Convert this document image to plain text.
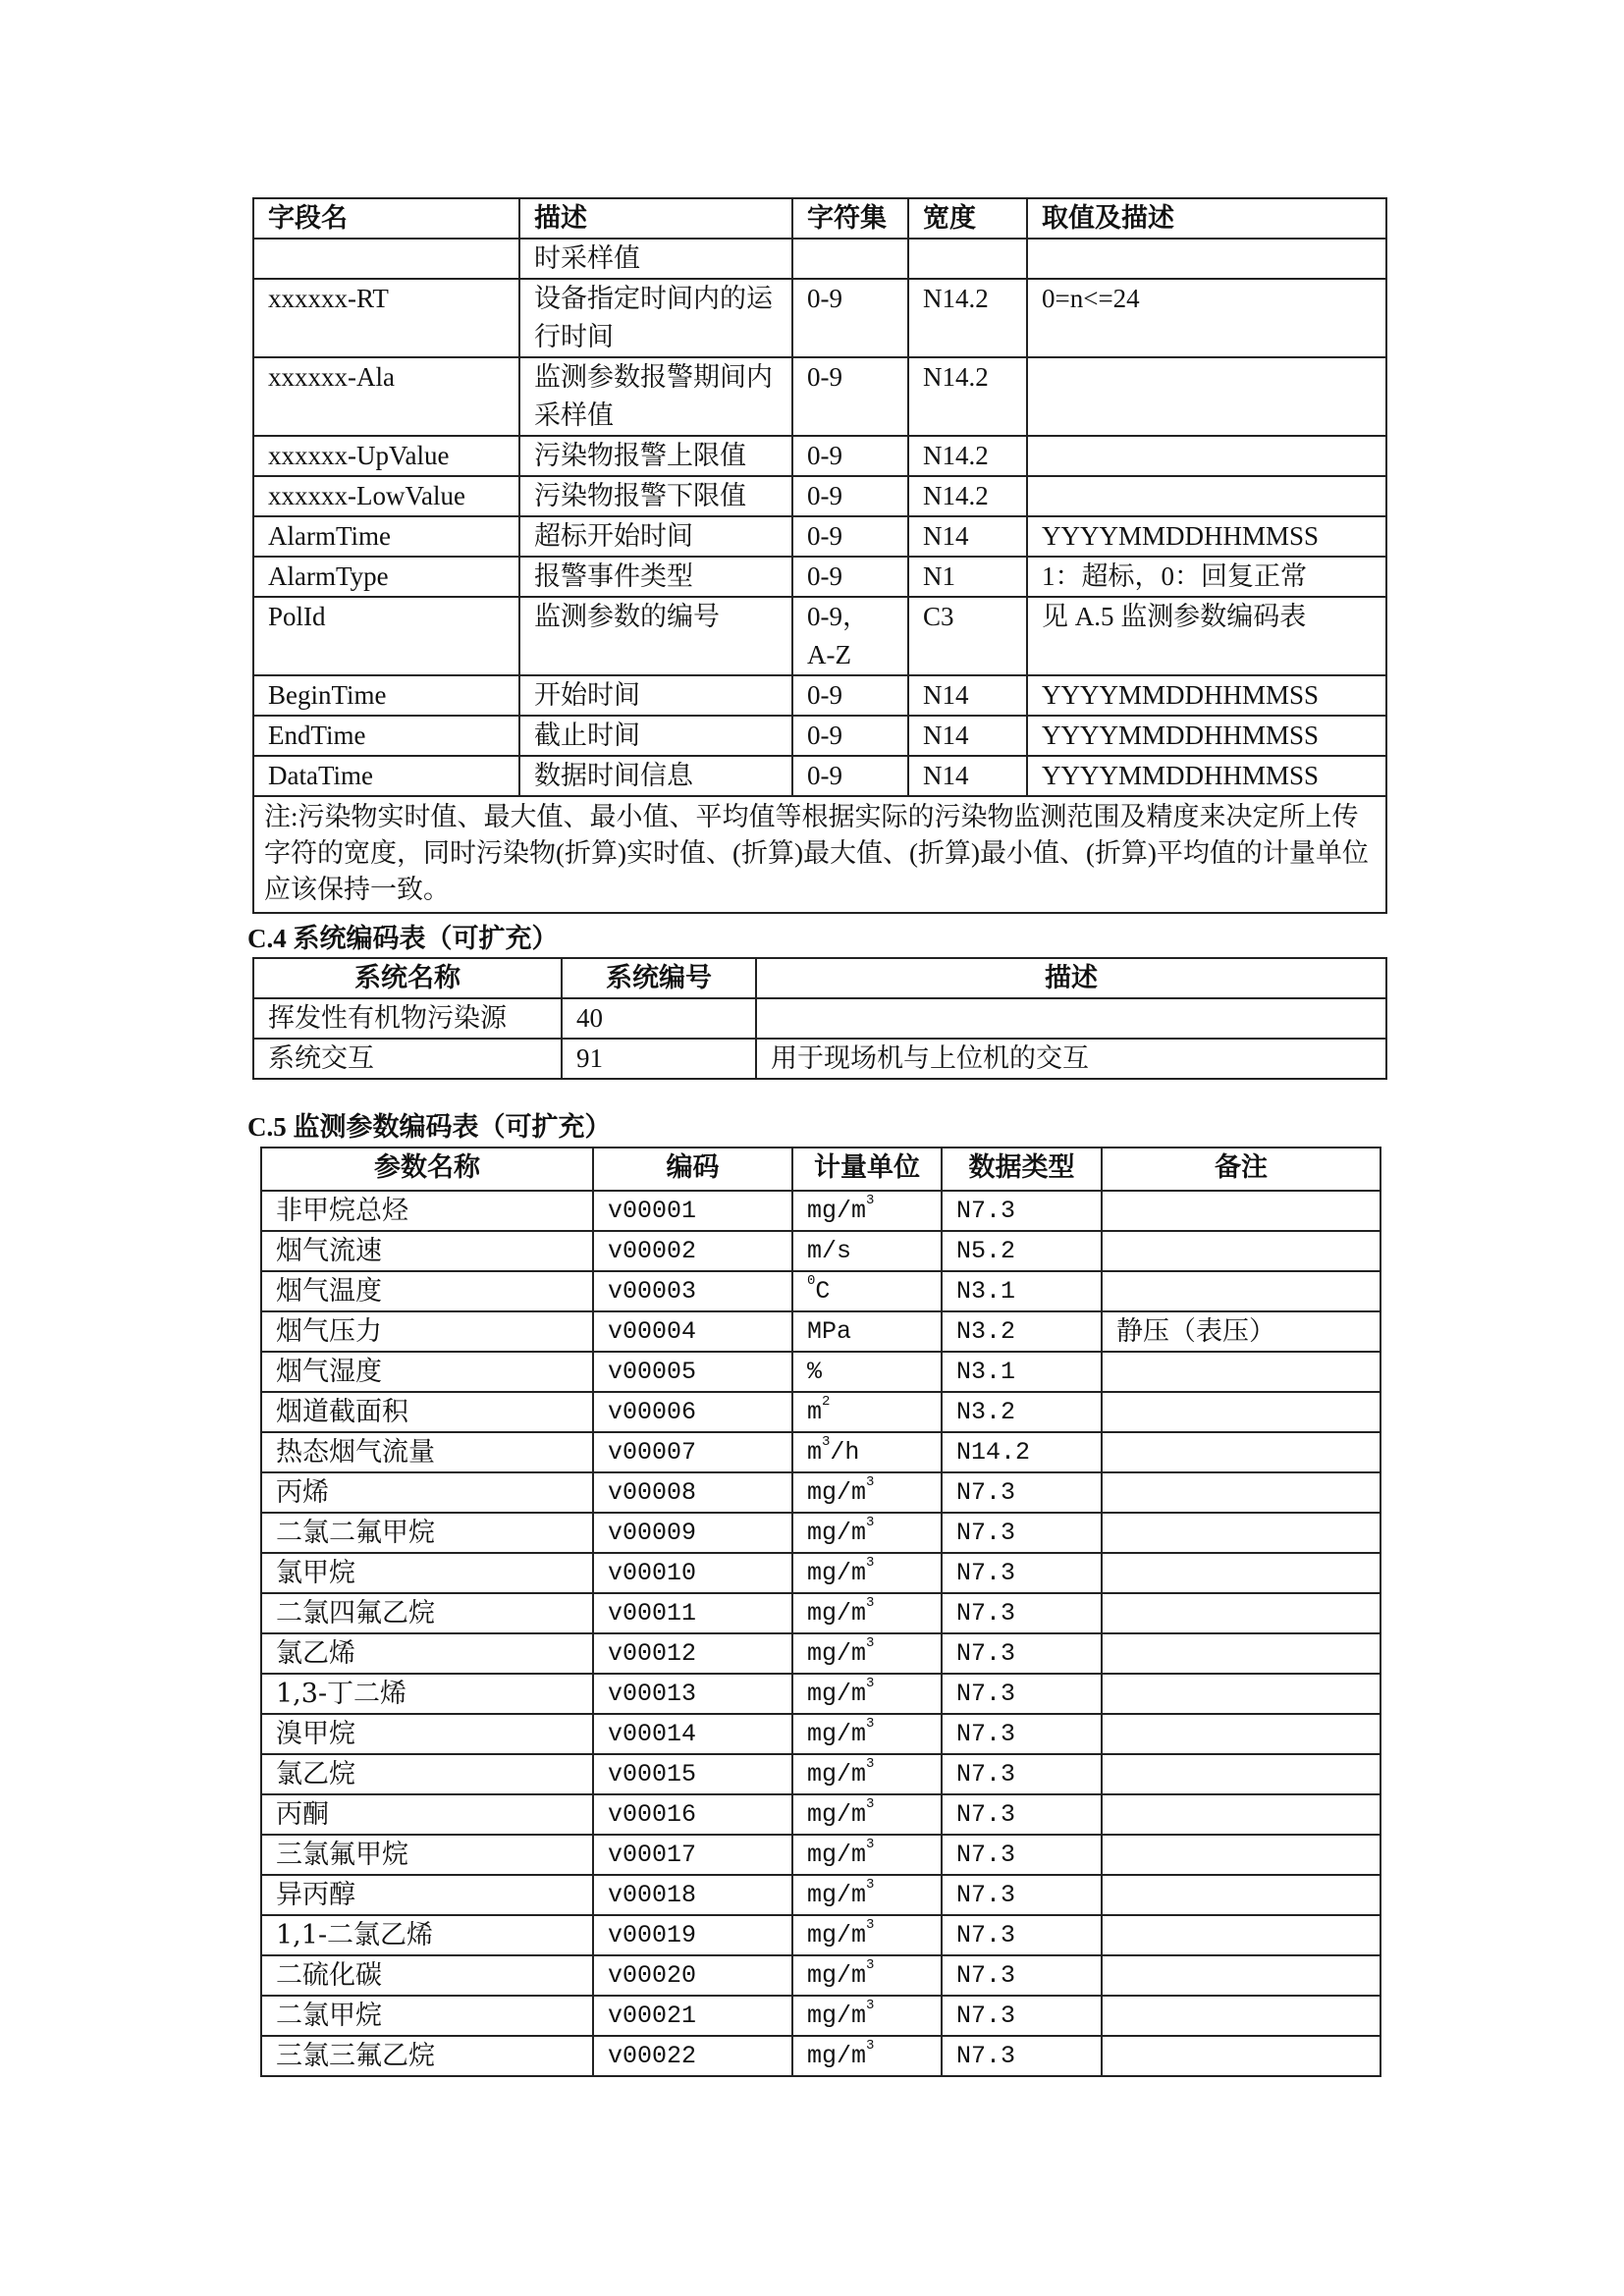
字段名	描述	字符集	宽度	取值及描述
	时采样值			
xxxxxx-RT	设备指定时间内的运行时间	0-9	N14.2	0=n<=24
xxxxxx-Ala	监测参数报警期间内采样值	0-9	N14.2	
xxxxxx-UpValue	污染物报警上限值	0-9	N14.2	
xxxxxx-LowValue	污染物报警下限值	0-9	N14.2	
AlarmTime	超标开始时间	0-9	N14	YYYYMMDDHHMMSS
AlarmType	报警事件类型	0-9	N1	1：超标，0：回复正常
PolId	监测参数的编号	0-9，A-Z	C3	见 A.5 监测参数编码表
BeginTime	开始时间	0-9	N14	YYYYMMDDHHMMSS
EndTime	截止时间	0-9	N14	YYYYMMDDHHMMSS
DataTime	数据时间信息	0-9	N14	YYYYMMDDHHMMSS
注:污染物实时值、最大值、最小值、平均值等根据实际的污染物监测范围及精度来决定所上传字符的宽度，同时污染物(折算)实时值、(折算)最大值、(折算)最小值、(折算)平均值的计量单位应该保持一致。				
C.4 系统编码表（可扩充）
系统名称	系统编号	描述
挥发性有机物污染源	40	
系统交互	91	用于现场机与上位机的交互
C.5 监测参数编码表（可扩充）
参数名称	编码	计量单位	数据类型	备注
非甲烷总烃	v00001	$mg/m^3$	N7.3	
烟气流速	v00002	m/s	N5.2	
烟气温度	v00003	$^0$C	N3.1	
烟气压力	v00004	MPa	N3.2	静压（表压）
烟气湿度	v00005	%	N3.1	
烟道截面积	v00006	$m^2$	N3.2	
热态烟气流量	v00007	$m^3/h$	N14.2	
丙烯	v00008	$mg/m^3$	N7.3	
二氯二氟甲烷	v00009	$mg/m^3$	N7.3	
氯甲烷	v00010	$mg/m^3$	N7.3	
二氯四氟乙烷	v00011	$mg/m^3$	N7.3	
氯乙烯	v00012	$mg/m^3$	N7.3	
1,3-丁二烯	v00013	$mg/m^3$	N7.3	
溴甲烷	v00014	$mg/m^3$	N7.3	
氯乙烷	v00015	$mg/m^3$	N7.3	
丙酮	v00016	$mg/m^3$	N7.3	
三氯氟甲烷	v00017	$mg/m^3$	N7.3	
异丙醇	v00018	$mg/m^3$	N7.3	
1,1-二氯乙烯	v00019	$mg/m^3$	N7.3	
二硫化碳	v00020	$mg/m^3$	N7.3	
二氯甲烷	v00021	$mg/m^3$	N7.3	
三氯三氟乙烷	v00022	$mg/m^3$	N7.3	
